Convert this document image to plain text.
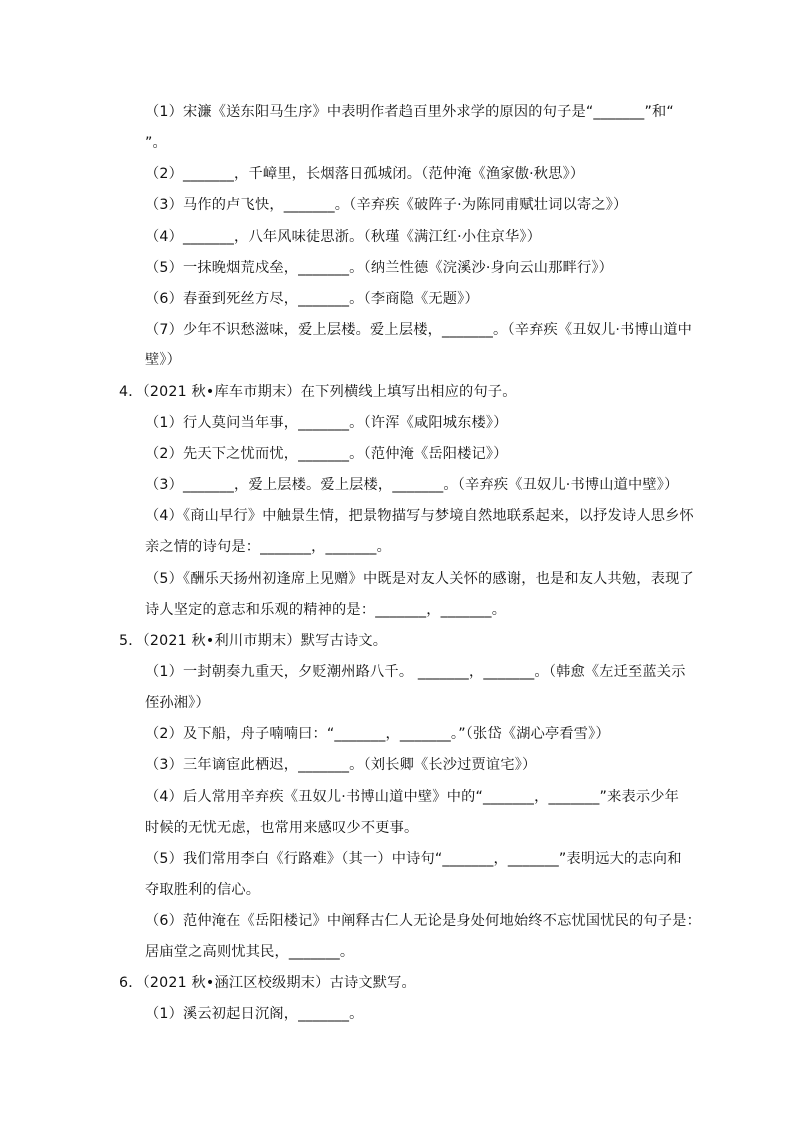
（1）宋濂《送东阳马生序》中表明作者趋百里外求学的原因的句子是“_______”和“
”。
（2）_______，千嶂里，长烟落日孤城闭。（范仲淹《渔家傲·秋思》）
（3）马作的卢飞快，_______。（辛弃疾《破阵子·为陈同甫赋壮词以寄之》）
（4）_______，八年风味徒思浙。（秋瑾《满江红·小住京华》）
（5）一抹晚烟荒戍垒，_______。（纳兰性德《浣溪沙·身向云山那畔行》）
（6）春蚕到死丝方尽，_______。（李商隐《无题》）
（7）少年不识愁滋味，爱上层楼。爱上层楼，_______。（辛弃疾《丑奴儿·书博山道中
壁》）
4．（2021 秋•库车市期末）在下列横线上填写出相应的句子。
（1）行人莫问当年事，_______。（许浑《咸阳城东楼》）
（2）先天下之忧而忧，_______。（范仲淹《岳阳楼记》）
（3）_______，爱上层楼。爱上层楼，_______。（辛弃疾《丑奴儿·书博山道中壁》）
（4）《商山早行》中触景生情，把景物描写与梦境自然地联系起来，以抒发诗人思乡怀
亲之情的诗句是：_______，_______。
（5）《酬乐天扬州初逢席上见赠》中既是对友人关怀的感谢，也是和友人共勉，表现了
诗人坚定的意志和乐观的精神的是：_______，_______。
5．（2021 秋•利川市期末）默写古诗文。
（1）一封朝奏九重天，夕贬潮州路八千。 _______，_______。（韩愈《左迁至蓝关示
侄孙湘》）
（2）及下船，舟子喃喃曰：“_______，_______。”（张岱《湖心亭看雪》）
（3）三年谪宦此栖迟，_______。（刘长卿《长沙过贾谊宅》）
（4）后人常用辛弃疾《丑奴儿·书博山道中壁》中的“_______，_______”来表示少年
时候的无忧无虑，也常用来感叹少不更事。
（5）我们常用李白《行路难》（其一）中诗句“_______，_______”表明远大的志向和
夺取胜利的信心。
（6）范仲淹在《岳阳楼记》中阐释古仁人无论是身处何地始终不忘忧国忧民的句子是：
居庙堂之高则忧其民，_______。
6．（2021 秋•涵江区校级期末）古诗文默写。
（1）溪云初起日沉阁，_______。
